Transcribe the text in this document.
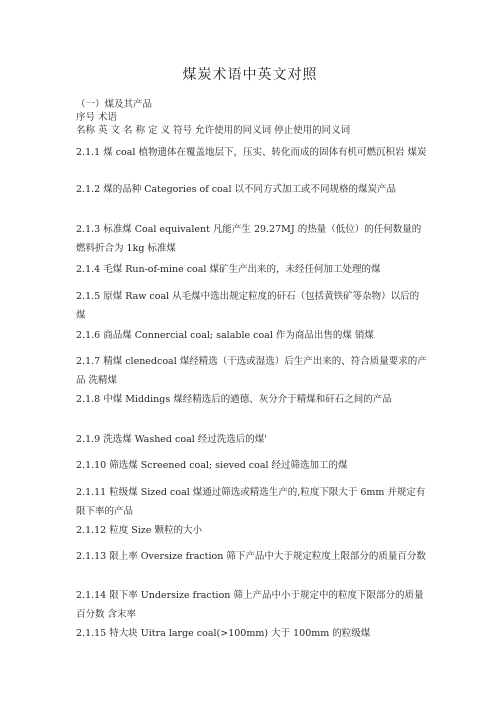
煤炭术语中英文对照
（一）煤及其产品
序号 术语
名称 英 文 名 称 定 义 符号 允许使用的同义词 停止使用的同义词
2.1.1 煤 coal 植物遗体在覆盖地层下，压实、转化而成的固体有机可燃沉积岩 煤炭
2.1.2 煤的品种 Categories of coal 以不同方式加工或不同规格的煤炭产品
2.1.3 标准煤 Coal equivalent 凡能产生 29.27MJ 的热量（低位）的任何数量的燃料折合为 1kg 标准煤
2.1.4 毛煤 Run-of-mine coal 煤矿生产出来的，未经任何加工处理的煤
2.1.5 原煤 Raw coal 从毛煤中选出规定粒度的矸石（包括黄铁矿等杂物）以后的煤
2.1.6 商品煤 Connercial coal; salable coal 作为商品出售的煤 销煤
2.1.7 精煤 clenedcoal 煤经精选（干选或湿选）后生产出来的、符合质量要求的产品 洗精煤
2.1.8 中煤 Middings 煤经精选后的遒德、灰分介于精煤和矸石之间的产品
2.1.9 洗选煤 Washed coal 经过洗选后的煤'
2.1.10 筛选煤 Screened coal; sieved coal 经过筛选加工的煤
2.1.11 粒级煤 Sized coal 煤通过筛选或精选生产的,粒度下限大于 6mm 并规定有限下率的产品
2.1.12 粒度 Size 颗粒的大小
2.1.13 限上率 Oversize fraction 筛下产品中大于规定粒度上限部分的质量百分数
2.1.14 限下率 Undersize fraction 筛上产品中小于规定中的粒度下限部分的质量百分数 含末率
2.1.15 特大块 Uitra large coal(>100mm) 大于 100mm 的粒级煤
